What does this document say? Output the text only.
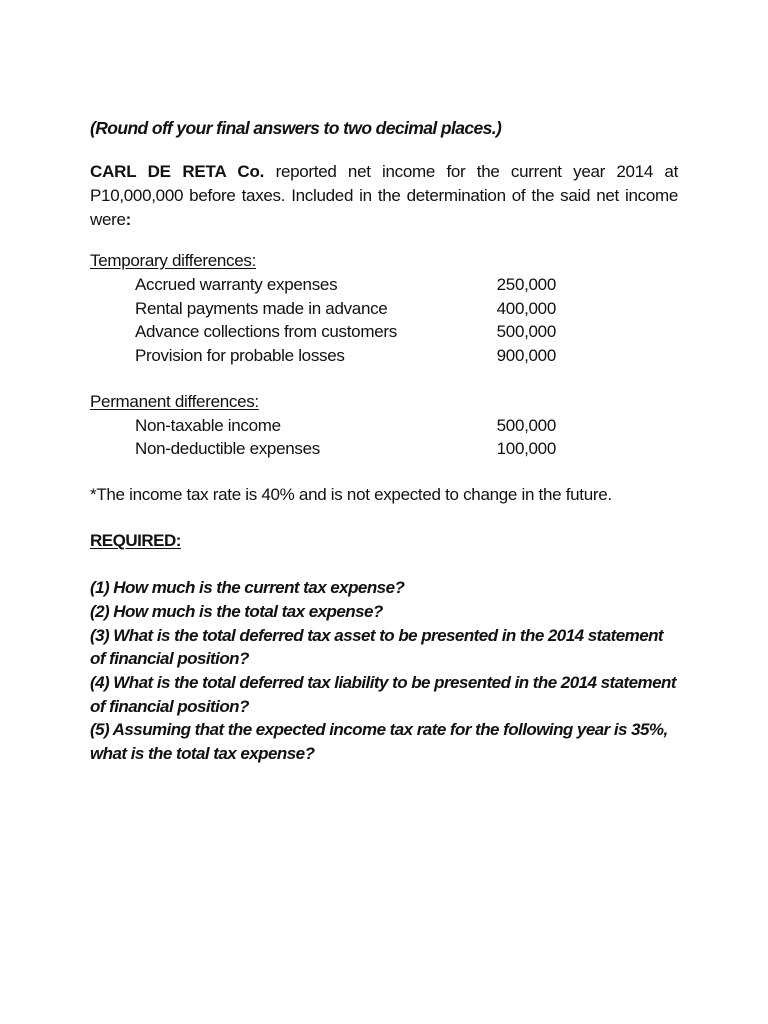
(Round off your final answers to two decimal places.)

CARL DE RETA Co. reported net income for the current year 2014 at P10,000,000 before taxes. Included in the determination of the said net income were:

Temporary differences:

Accrued warranty expenses	250,000
Rental payments made in advance	400,000
Advance collections from customers	500,000
Provision for probable losses	900,000

Permanent differences:

Non-taxable income	500,000
Non-deductible expenses	100,000

*The income tax rate is 40% and is not expected to change in the future.

REQUIRED:

(1) How much is the current tax expense?
(2) How much is the total tax expense?
(3) What is the total deferred tax asset to be presented in the 2014 statement of financial position?
(4) What is the total deferred tax liability to be presented in the 2014 statement of financial position?
(5) Assuming that the expected income tax rate for the following year is 35%, what is the total tax expense?
